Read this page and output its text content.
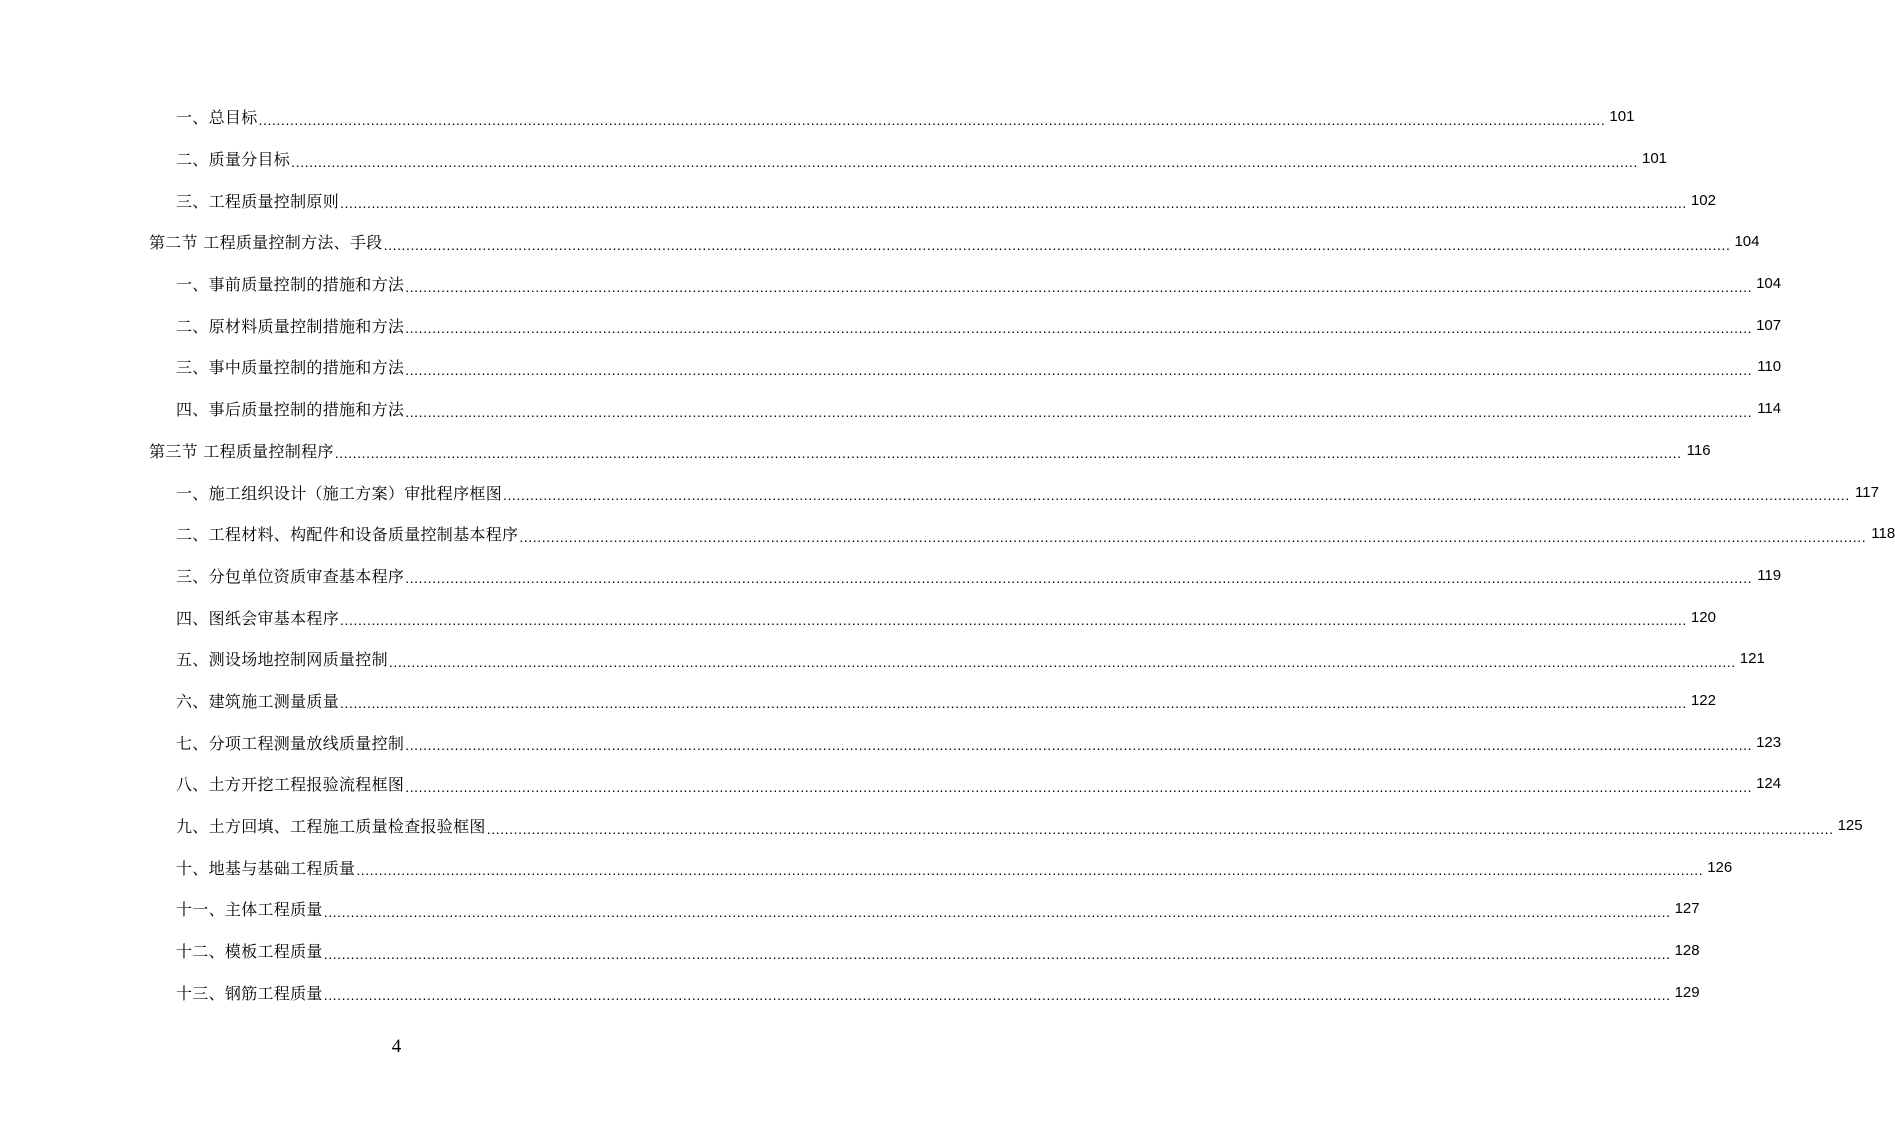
一、总目标 ............................................................................................................................................................................................................................................................................................................ 101
二、质量分目标 ............................................................................................................................................................................................................................................................................................................ 101
三、工程质量控制原则 ............................................................................................................................................................................................................................................................................................................ 102
第二节 工程质量控制方法、手段 ............................................................................................................................................................................................................................................................................................................ 104
一、事前质量控制的措施和方法 ............................................................................................................................................................................................................................................................................................................ 104
二、原材料质量控制措施和方法 ............................................................................................................................................................................................................................................................................................................ 107
三、事中质量控制的措施和方法 ............................................................................................................................................................................................................................................................................................................ 110
四、事后质量控制的措施和方法 ............................................................................................................................................................................................................................................................................................................ 114
第三节 工程质量控制程序 ............................................................................................................................................................................................................................................................................................................ 116
一、施工组织设计（施工方案）审批程序框图 ............................................................................................................................................................................................................................................................................................................ 117
二、工程材料、构配件和设备质量控制基本程序 ............................................................................................................................................................................................................................................................................................................ 118
三、分包单位资质审查基本程序 ............................................................................................................................................................................................................................................................................................................ 119
四、图纸会审基本程序 ............................................................................................................................................................................................................................................................................................................ 120
五、测设场地控制网质量控制 ............................................................................................................................................................................................................................................................................................................ 121
六、建筑施工测量质量 ............................................................................................................................................................................................................................................................................................................ 122
七、分项工程测量放线质量控制 ............................................................................................................................................................................................................................................................................................................ 123
八、土方开挖工程报验流程框图 ............................................................................................................................................................................................................................................................................................................ 124
九、土方回填、工程施工质量检查报验框图 ............................................................................................................................................................................................................................................................................................................ 125
十、地基与基础工程质量 ............................................................................................................................................................................................................................................................................................................ 126
十一、主体工程质量 ............................................................................................................................................................................................................................................................................................................ 127
十二、模板工程质量 ............................................................................................................................................................................................................................................................................................................ 128
十三、钢筋工程质量 ............................................................................................................................................................................................................................................................................................................ 129
4
